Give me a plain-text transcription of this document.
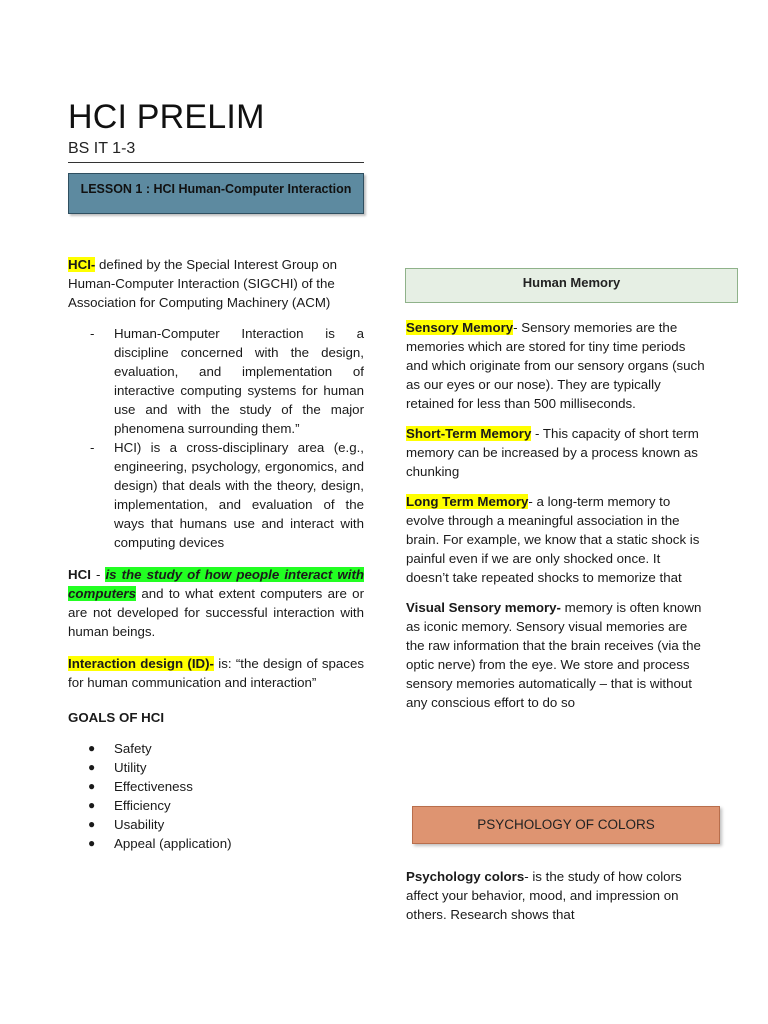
HCI PRELIM
BS IT 1-3
LESSON 1 : HCI Human-Computer Interaction

HCI- defined by the Special Interest Group on Human-Computer Interaction (SIGCHI) of the Association for Computing Machinery (ACM)

- Human-Computer Interaction is a discipline concerned with the design, evaluation, and implementation of interactive computing systems for human use and with the study of the major phenomena surrounding them.”
- HCI) is a cross-disciplinary area (e.g., engineering, psychology, ergonomics, and design) that deals with the theory, design, implementation, and evaluation of the ways that humans use and interact with computing devices

HCI - is the study of how people interact with computers and to what extent computers are or are not developed for successful interaction with human beings.

Interaction design (ID)- is: “the design of spaces for human communication and interaction”

GOALS OF HCI
● Safety
● Utility
● Effectiveness
● Efficiency
● Usability
● Appeal (application)
Human Memory

Sensory Memory- Sensory memories are the memories which are stored for tiny time periods and which originate from our sensory organs (such as our eyes or our nose). They are typically retained for less than 500 milliseconds.

Short-Term Memory - This capacity of short term memory can be increased by a process known as chunking

Long Term Memory- a long-term memory to evolve through a meaningful association in the brain. For example, we know that a static shock is painful even if we are only shocked once. It doesn’t take repeated shocks to memorize that

Visual Sensory memory- memory is often known as iconic memory. Sensory visual memories are the raw information that the brain receives (via the optic nerve) from the eye. We store and process sensory memories automatically – that is without any conscious effort to do so

PSYCHOLOGY OF COLORS

Psychology colors- is the study of how colors affect your behavior, mood, and impression on others. Research shows that
